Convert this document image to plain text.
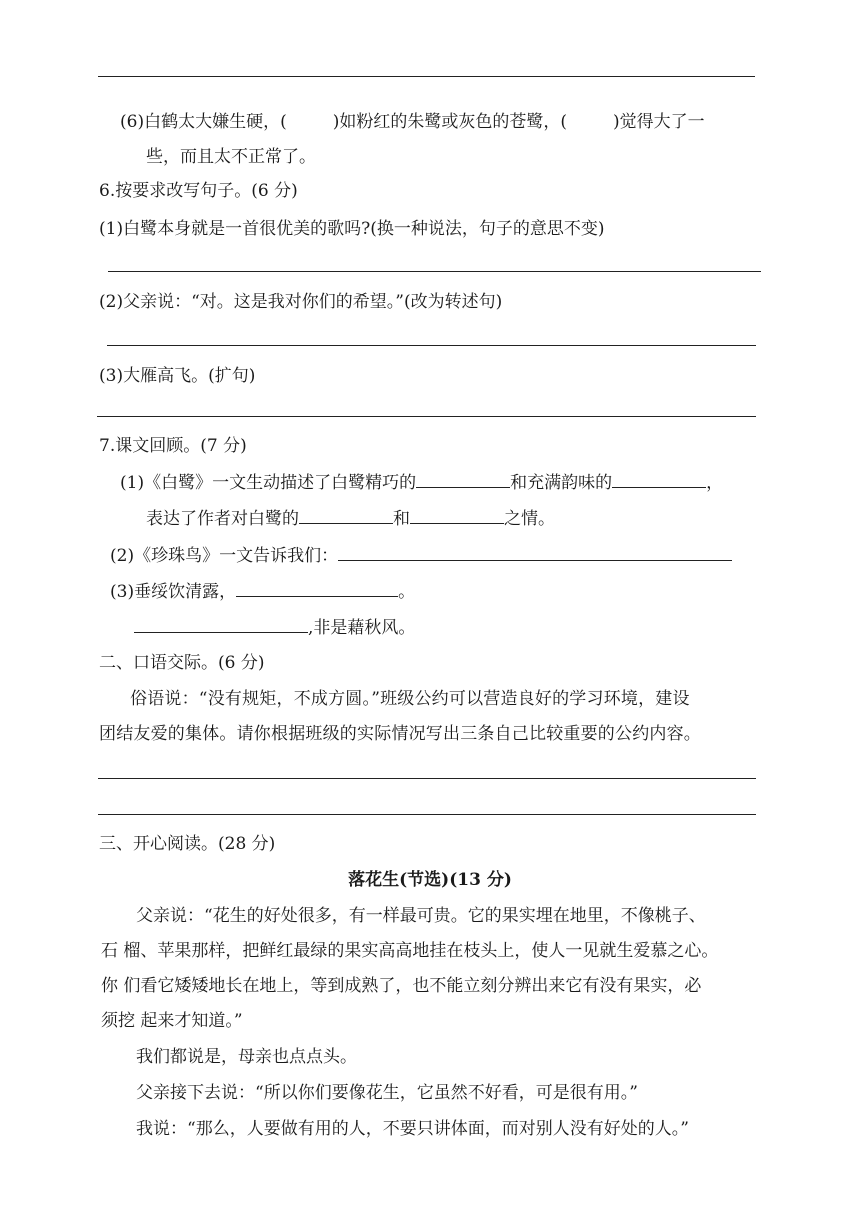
(6)白鹤太大嫌生硬，(	)如粉红的朱鹭或灰色的苍鹭，(	)觉得大了一
些，而且太不正常了。
6.按要求改写句子。(6 分)
(1)白鹭本身就是一首很优美的歌吗?(换一种说法，句子的意思不变)
(2)父亲说：“对。这是我对你们的希望。”(改为转述句)
(3)大雁高飞。(扩句)
7.课文回顾。(7 分)
(1)《白鹭》一文生动描述了白鹭精巧的	和充满韵味的	，
表达了作者对白鹭的	和	之情。
(2)《珍珠鸟》一文告诉我们：
(3)垂绥饮清露，	。
,非是藉秋风。
二、口语交际。(6 分)
俗语说：“没有规矩，不成方圆。”班级公约可以营造良好的学习环境，建设
团结友爱的集体。请你根据班级的实际情况写出三条自己比较重要的公约内容。
三、开心阅读。(28 分)
落花生(节选)(13 分)
父亲说：“花生的好处很多，有一样最可贵。它的果实埋在地里，不像桃子、
石 榴、苹果那样，把鲜红最绿的果实高高地挂在枝头上，使人一见就生爱慕之心。
你 们看它矮矮地长在地上，等到成熟了，也不能立刻分辨出来它有没有果实，必
须挖 起来才知道。”
我们都说是，母亲也点点头。
父亲接下去说：“所以你们要像花生，它虽然不好看，可是很有用。”
我说：“那么，人要做有用的人，不要只讲体面，而对别人没有好处的人。”
